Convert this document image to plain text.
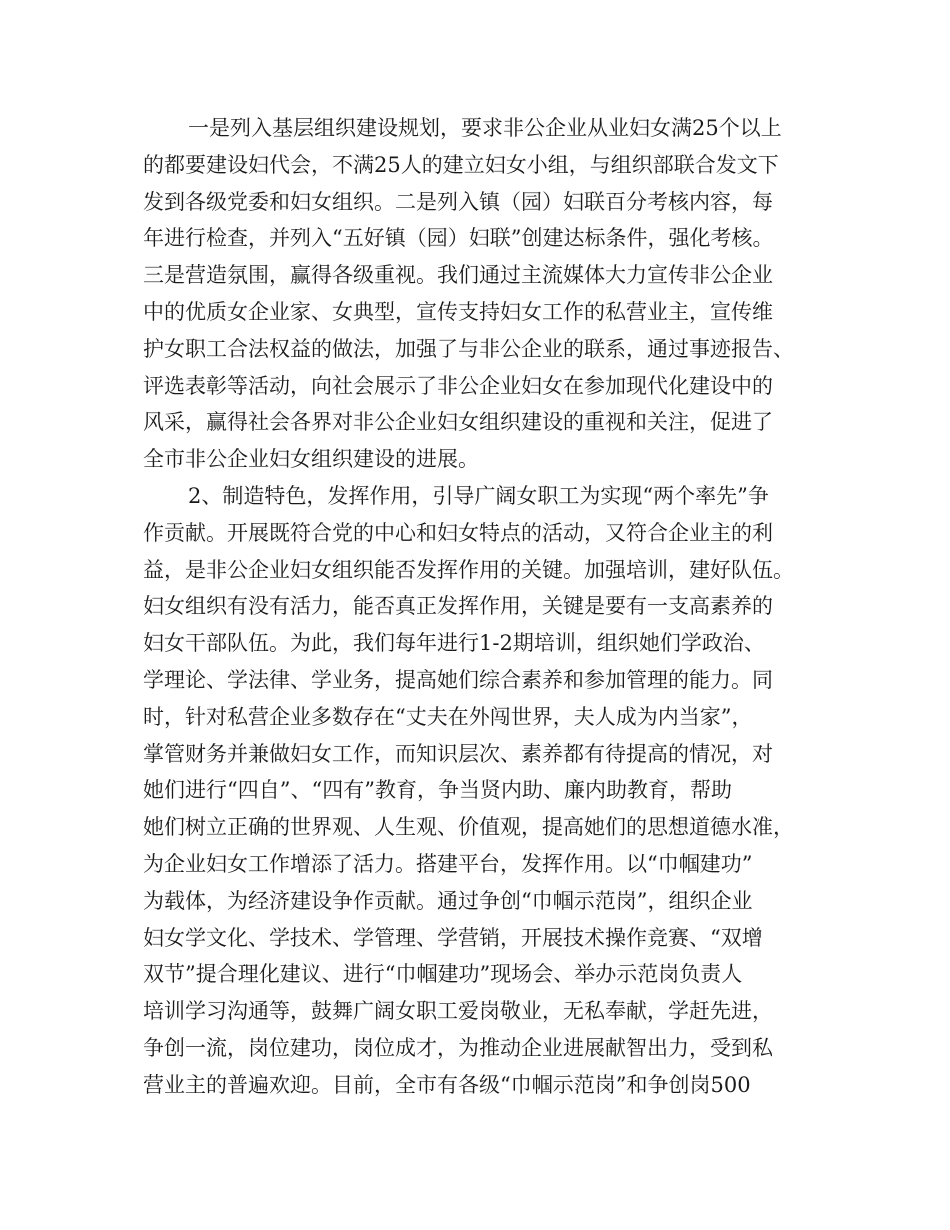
一是列入基层组织建设规划，要求非公企业从业妇女满25个以上
的都要建设妇代会，不满25人的建立妇女小组，与组织部联合发文下
发到各级党委和妇女组织。二是列入镇（园）妇联百分考核内容，每
年进行检查，并列入“五好镇（园）妇联”创建达标条件，强化考核。
三是营造氛围，赢得各级重视。我们通过主流媒体大力宣传非公企业
中的优质女企业家、女典型，宣传支持妇女工作的私营业主，宣传维
护女职工合法权益的做法，加强了与非公企业的联系，通过事迹报告、
评选表彰等活动，向社会展示了非公企业妇女在参加现代化建设中的
风采，赢得社会各界对非公企业妇女组织建设的重视和关注，促进了
全市非公企业妇女组织建设的进展。
2、制造特色，发挥作用，引导广阔女职工为实现“两个率先”争
作贡献。开展既符合党的中心和妇女特点的活动，又符合企业主的利
益，是非公企业妇女组织能否发挥作用的关键。加强培训，建好队伍。
妇女组织有没有活力，能否真正发挥作用，关键是要有一支高素养的
妇女干部队伍。为此，我们每年进行1-2期培训，组织她们学政治、
学理论、学法律、学业务，提高她们综合素养和参加管理的能力。同
时，针对私营企业多数存在“丈夫在外闯世界，夫人成为内当家”，
掌管财务并兼做妇女工作，而知识层次、素养都有待提高的情况，对
她们进行“四自”、“四有”教育，争当贤内助、廉内助教育，帮助
她们树立正确的世界观、人生观、价值观，提高她们的思想道德水准，
为企业妇女工作增添了活力。搭建平台，发挥作用。以“巾帼建功”
为载体，为经济建设争作贡献。通过争创“巾帼示范岗”，组织企业
妇女学文化、学技术、学管理、学营销，开展技术操作竞赛、“双增
双节”提合理化建议、进行“巾帼建功”现场会、举办示范岗负责人
培训学习沟通等，鼓舞广阔女职工爱岗敬业，无私奉献，学赶先进，
争创一流，岗位建功，岗位成才，为推动企业进展献智出力，受到私
营业主的普遍欢迎。目前，全市有各级“巾帼示范岗”和争创岗500
